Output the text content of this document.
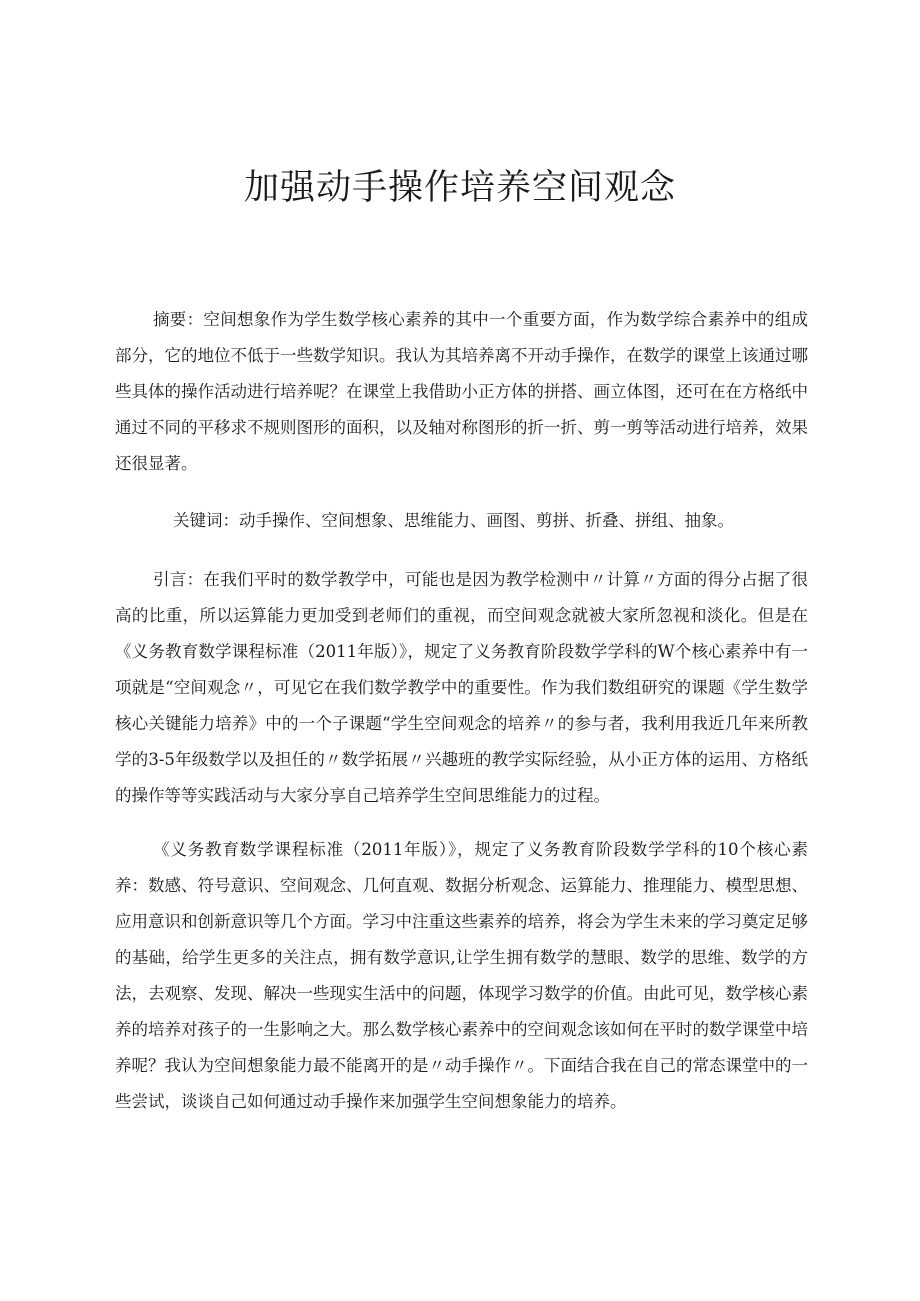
加强动手操作培养空间观念

摘要：空间想象作为学生数学核心素养的其中一个重要方面，作为数学综合素养中的组成部分，它的地位不低于一些数学知识。我认为其培养离不开动手操作，在数学的课堂上该通过哪些具体的操作活动进行培养呢？在课堂上我借助小正方体的拼搭、画立体图，还可在在方格纸中通过不同的平移求不规则图形的面积，以及轴对称图形的折一折、剪一剪等活动进行培养，效果还很显著。

关键词：动手操作、空间想象、思维能力、画图、剪拼、折叠、拼组、抽象。

引言：在我们平时的数学教学中，可能也是因为教学检测中〃计算〃方面的得分占据了很高的比重，所以运算能力更加受到老师们的重视，而空间观念就被大家所忽视和淡化。但是在《义务教育数学课程标准（2011年版）》，规定了义务教育阶段数学学科的W个核心素养中有一项就是“空间观念〃，可见它在我们数学教学中的重要性。作为我们数组研究的课题《学生数学核心关键能力培养》中的一个子课题“学生空间观念的培养〃的参与者，我利用我近几年来所教学的3-5年级数学以及担任的〃数学拓展〃兴趣班的教学实际经验，从小正方体的运用、方格纸的操作等等实践活动与大家分享自己培养学生空间思维能力的过程。

《义务教育数学课程标准（2011年版）》，规定了义务教育阶段数学学科的10个核心素养：数感、符号意识、空间观念、几何直观、数据分析观念、运算能力、推理能力、模型思想、应用意识和创新意识等几个方面。学习中注重这些素养的培养，将会为学生未来的学习奠定足够的基础，给学生更多的关注点，拥有数学意识,让学生拥有数学的慧眼、数学的思维、数学的方法，去观察、发现、解决一些现实生活中的问题，体现学习数学的价值。由此可见，数学核心素养的培养对孩子的一生影响之大。那么数学核心素养中的空间观念该如何在平时的数学课堂中培养呢？我认为空间想象能力最不能离开的是〃动手操作〃。下面结合我在自己的常态课堂中的一些尝试，谈谈自己如何通过动手操作来加强学生空间想象能力的培养。
